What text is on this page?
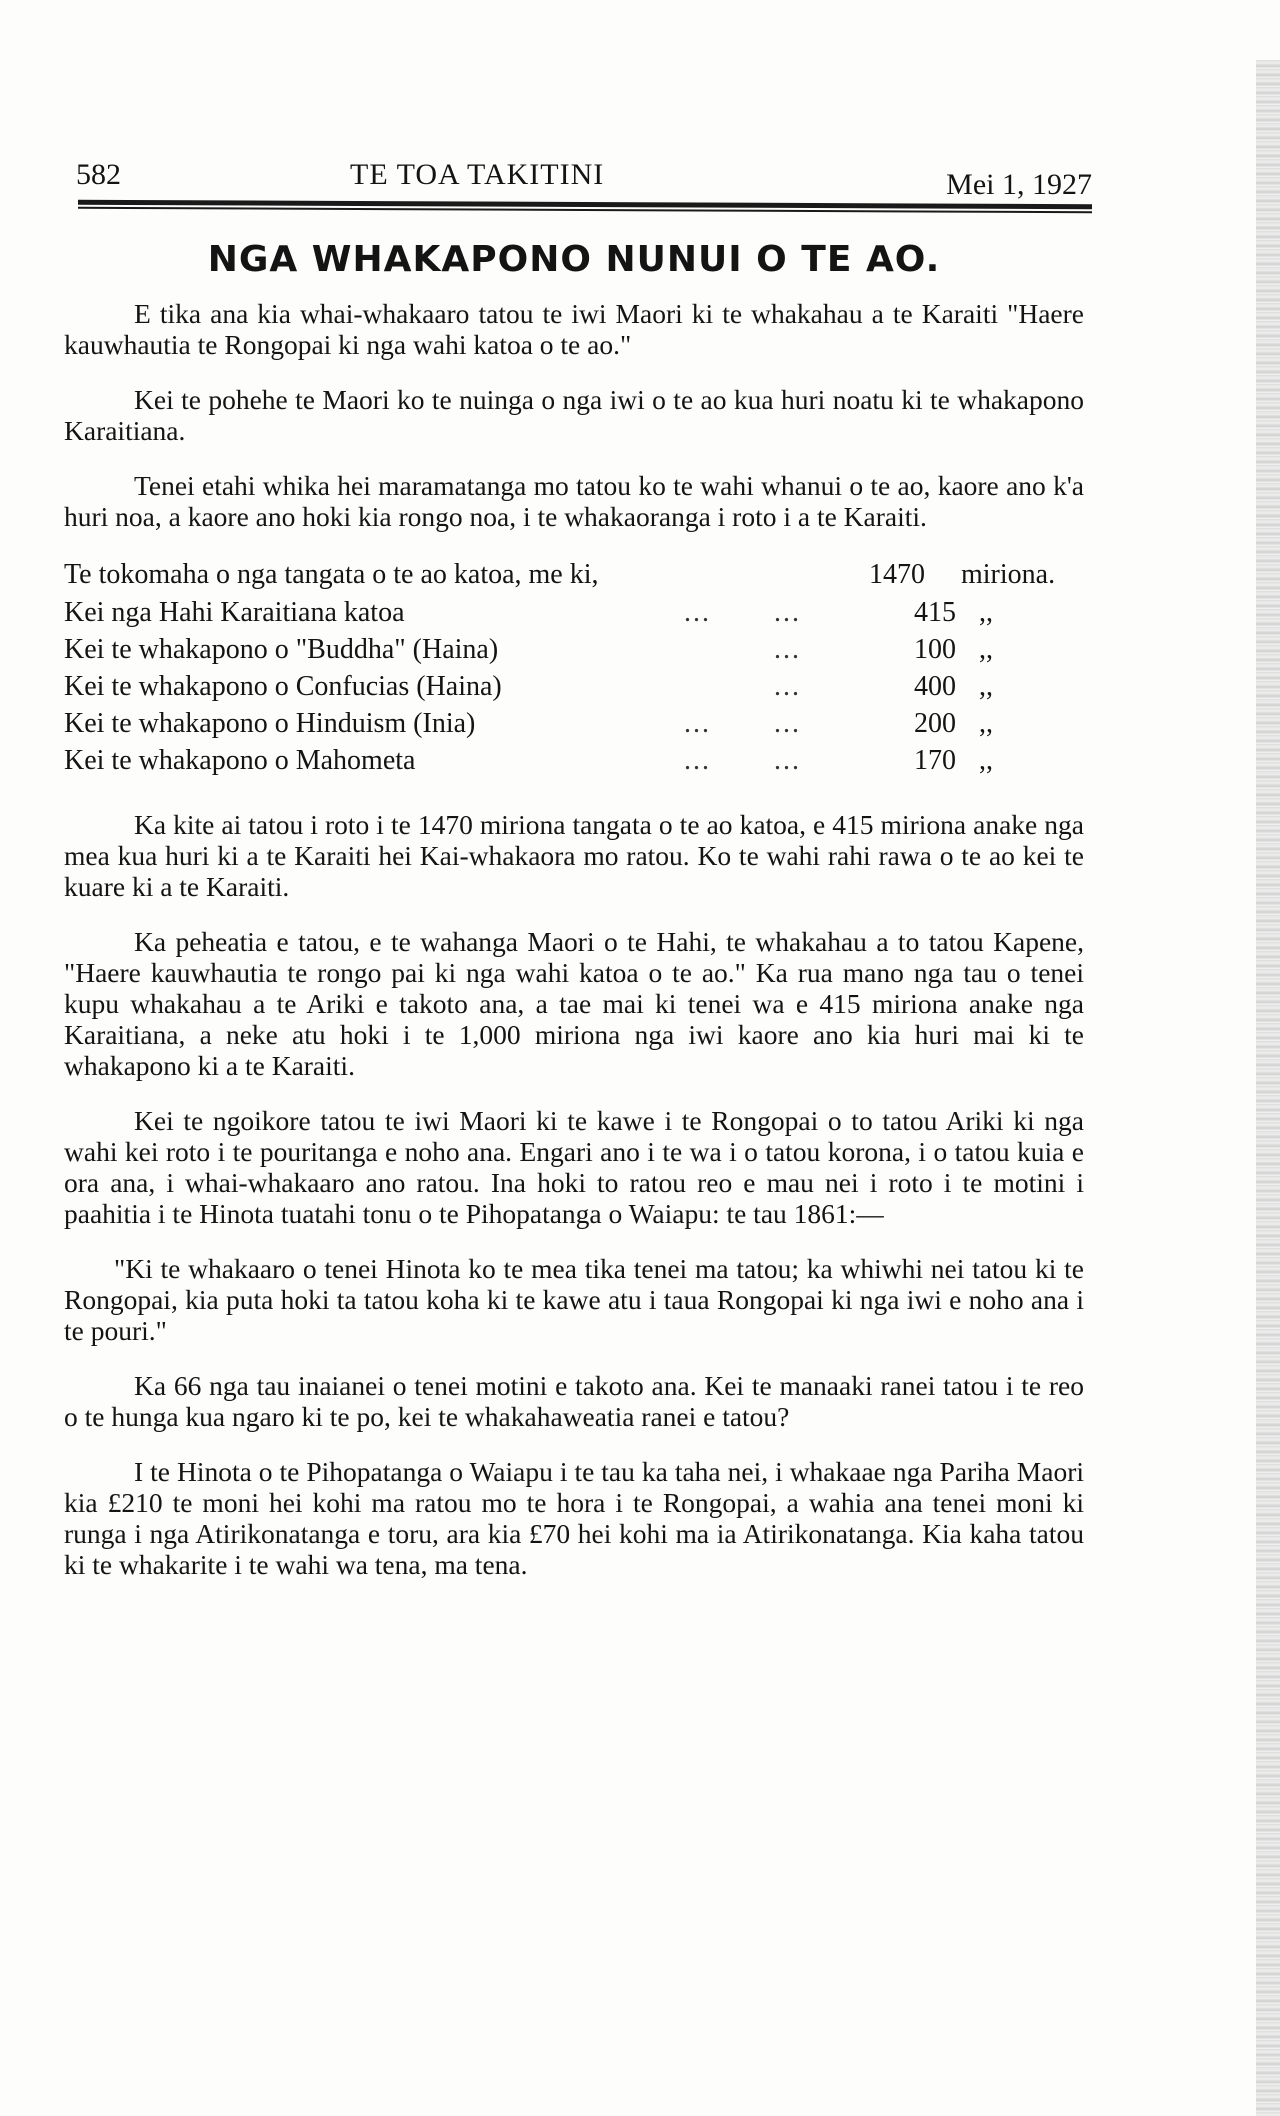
582	TE TOA TAKITINI	Mei 1, 1927
NGA WHAKAPONO NUNUI O TE AO.

E tika ana kia whai-whakaaro tatou te iwi Maori ki te whakahau a te Karaiti "Haere kauwhautia te Rongopai ki nga wahi katoa o te ao."

Kei te pohehe te Maori ko te nuinga o nga iwi o te ao kua huri noatu ki te whakapono Karaitiana.

Tenei etahi whika hei maramatanga mo tatou ko te wahi whanui o te ao, kaore ano k'a huri noa, a kaore ano hoki kia rongo noa, i te whakaoranga i roto i a te Karaiti.

Te tokomaha o nga tangata o te ao katoa, me ki,	1470	miriona.
Kei nga Hahi Karaitiana katoa	...	...	415 ,,
Kei te whakapono o "Buddha" (Haina)	...	100 ,,
Kei te whakapono o Confucias (Haina)	...	400 ,,
Kei te whakapono o Hinduism (Inia)	...	...	200 ,,
Kei te whakapono o Mahometa	...	...	170 ,,

Ka kite ai tatou i roto i te 1470 miriona tangata o te ao katoa, e 415 miriona anake nga mea kua huri ki a te Karaiti hei Kai-whakaora mo ratou. Ko te wahi rahi rawa o te ao kei te kuare ki a te Karaiti.

Ka peheatia e tatou, e te wahanga Maori o te Hahi, te whakahau a to tatou Kapene, "Haere kauwhautia te rongo pai ki nga wahi katoa o te ao." Ka rua mano nga tau o tenei kupu whakahau a te Ariki e takoto ana, a tae mai ki tenei wa e 415 miriona anake nga Karaitiana, a neke atu hoki i te 1,000 miriona nga iwi kaore ano kia huri mai ki te whakapono ki a te Karaiti.

Kei te ngoikore tatou te iwi Maori ki te kawe i te Rongopai o to tatou Ariki ki nga wahi kei roto i te pouritanga e noho ana. Engari ano i te wa i o tatou korona, i o tatou kuia e ora ana, i whai-whakaaro ano ratou. Ina hoki to ratou reo e mau nei i roto i te motini i paahitia i te Hinota tuatahi tonu o te Pihopatanga o Waiapu: te tau 1861:—

"Ki te whakaaro o tenei Hinota ko te mea tika tenei ma tatou; ka whiwhi nei tatou ki te Rongopai, kia puta hoki ta tatou koha ki te kawe atu i taua Rongopai ki nga iwi e noho ana i te pouri."

Ka 66 nga tau inaianei o tenei motini e takoto ana. Kei te manaaki ranei tatou i te reo o te hunga kua ngaro ki te po, kei te whakahaweatia ranei e tatou?

I te Hinota o te Pihopatanga o Waiapu i te tau ka taha nei, i whakaae nga Pariha Maori kia £210 te moni hei kohi ma ratou mo te hora i te Rongopai, a wahia ana tenei moni ki runga i nga Atirikonatanga e toru, ara kia £70 hei kohi ma ia Atirikonatanga. Kia kaha tatou ki te whakarite i te wahi wa tena, ma tena.
